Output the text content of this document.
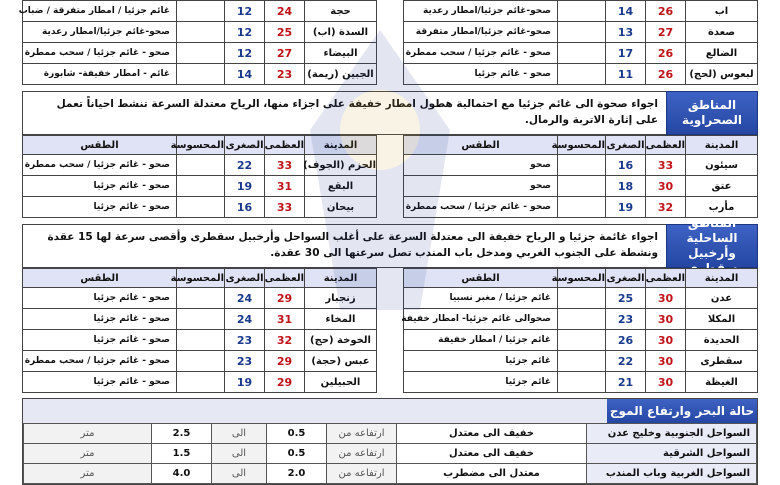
اب	26	14		صحو-غائم جزئيا/امطار رعدية
صعدة	27	13		صحو-غائم جزئيا/امطار متفرقة
الضالع	26	17		صحو - غائم جزئيا / سحب ممطرة
لبعوس (لحج)	26	11		صحو - غائم جزئيا
حجة	24	12		غائم جزئيا / امطار متفرقة / ضباب
السدة (اب)	25	12		صحو-غائم جزئيا/امطار رعدية
البيضاء	27	12		صحو - غائم جزئيا / سحب ممطرة
الجبين (ريمة)	23	14		غائم - امطار خفيفة- شابورة
المناطق
الصحراوية
اجواء صحوة الى غائم جزئيا مع احتمالية هطول امطار خفيفة على اجزاء منها، الرياح معتدلة السرعة تنشط احياناً تعمل على إثارة الاتربة والرمال.
المدينة	العظمى	الصغرى	المحسوسة	الطقس
سيئون	33	16		صحو
عتق	30	18		صحو
مأرب	32	19		صحو - غائم جزئيا / سحب ممطرة
المدينة	العظمى	الصغرى	المحسوسة	الطقس
الحزم (الجوف)	33	22		صحو - غائم جزئيا / سحب ممطرة
البقع	31	19		صحو - غائم جزئيا
بيحان	33	16		صحو - غائم جزئيا
المناطق الساحلية
وأرخبيل
اجواء غائمة جزئيا و الرياح خفيفة الى معتدلة السرعة على أغلب السواحل وأرخبيل سقطرى وأقصى سرعة لها 15 عقدة ونشطة على الجنوب الغربي ومدخل باب المندب تصل سرعتها الى 30 عقدة.
المدينة	العظمى	الصغرى	المحسوسة	الطقس
عدن	30	25		غائم جزئيا / مغبر نسبيا
المكلا	30	23		صحوالى غائم جزئيا- امطار خفيفة
الحديدة	30	26		غائم جزئيا / امطار خفيفة
سقطرى	30	22		غائم جزئيا
الغيظة	30	21		غائم جزئيا
المدينة	العظمى	الصغرى	المحسوسة	الطقس
زنجبار	29	24		صحو - غائم جزئيا
المخاء	31	24		صحو - غائم جزئيا
الخوخة (حج)	32	23		صحو - غائم جزئيا
عبس (حجة)	29	23		صحو - غائم جزئيا / سحب ممطرة
الحبيلين	29	19		صحو - غائم جزئيا
حالة البحر وارتفاع الموج
السواحل الجنوبية وخليج عدن	خفيف الى معتدل	ارتفاعه من	0.5	الى	2.5	متر
السواحل الشرقية	خفيف الى معتدل	ارتفاعه من	0.5	الى	1.5	متر
السواحل الغربية وباب المندب	معتدل الى مضطرب	ارتفاعه من	2.0	الى	4.0	متر
